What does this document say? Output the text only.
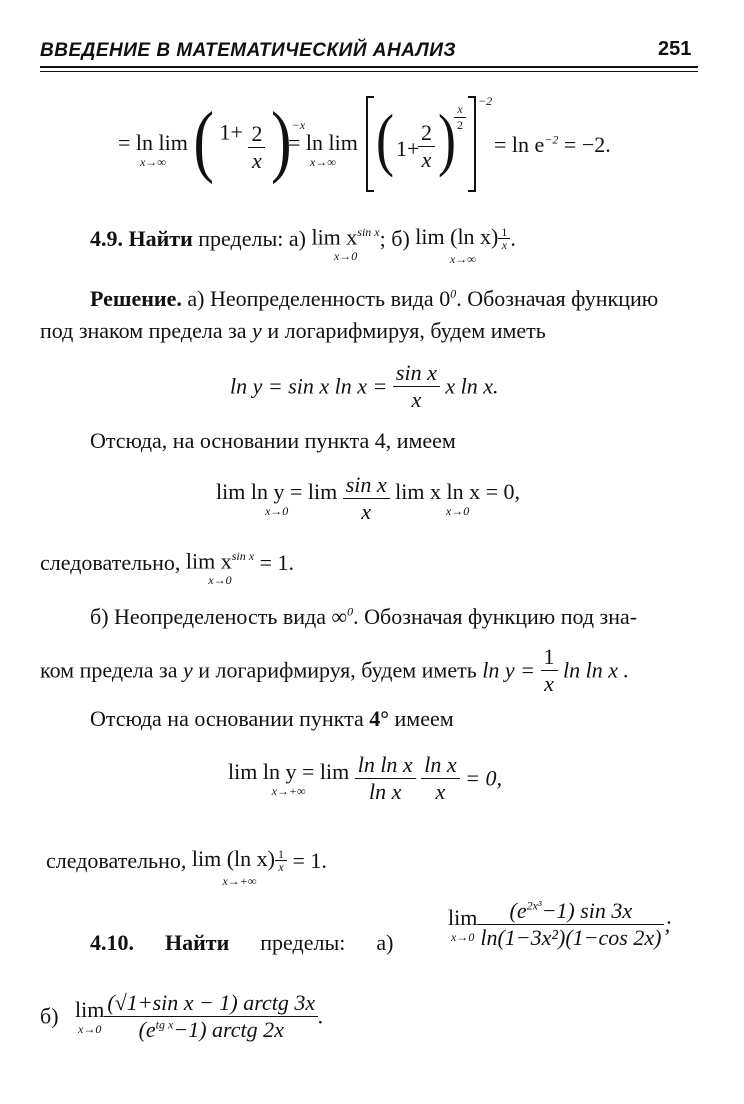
ВВЕДЕНИЕ В МАТЕМАТИЧЕСКИЙ АНАЛИЗ	251
= ln lim
x→∞ ( $1+ \frac{2}{x} )^{-x}$
= ln lim
x→∞ ( 1+
$\frac{2}{x}$ )
$\frac{x}{2}$
−2
= $\ln e^{-2} = -2$.
4.9. Найти пределы: а) $\lim x^{sin x}$
x→0
; б) lim (ln $x) \frac{1}{x}$
x→∞
.
Решение. а) Неопределенность вида $0^0$. Обозначая функцию
под знаком предела за y и логарифмируя, будем иметь
ln y = sin x $\ln x = \frac{\text{sin x}}{x}$ x ln x.
Отсюда, на основании пункта 4, имеем
lim ln y = lim
x→0
	$\frac{\text{sin x}}{x}$
lim x ln x = 0,
x→0
следовательно, $\lim x^{sin x}$
x→0
= 1.
б) Неопределеность вида ∞$^0$. Обозначая функцию под зна-
ком предела за y и логарифмируя, будем иметь $\ln y = \frac{1}{x}$ ln ln x .
Отсюда на основании пункта 4° имеем
lim ln y = lim
x→+∞
	$\frac{\text{ln ln x}}{\text{ln x}}$
$\frac{\text{ln x}}{x} = 0$,
следовательно, lim (ln $x) \frac{1}{x}$
x→+∞
= 1.
4.10. Найти пределы: а)
lim
$x\to 0 \frac{(e^{2x^3}-1) \sin 3x}{\text{ln(1−3x²)(1−cos 2x)}}$ ;
б) lim
$x\to 0 \frac{\text{(√1+sin x − 1) arctg 3x}}{(e^{tg x}-1) arctg 2x}$ .
